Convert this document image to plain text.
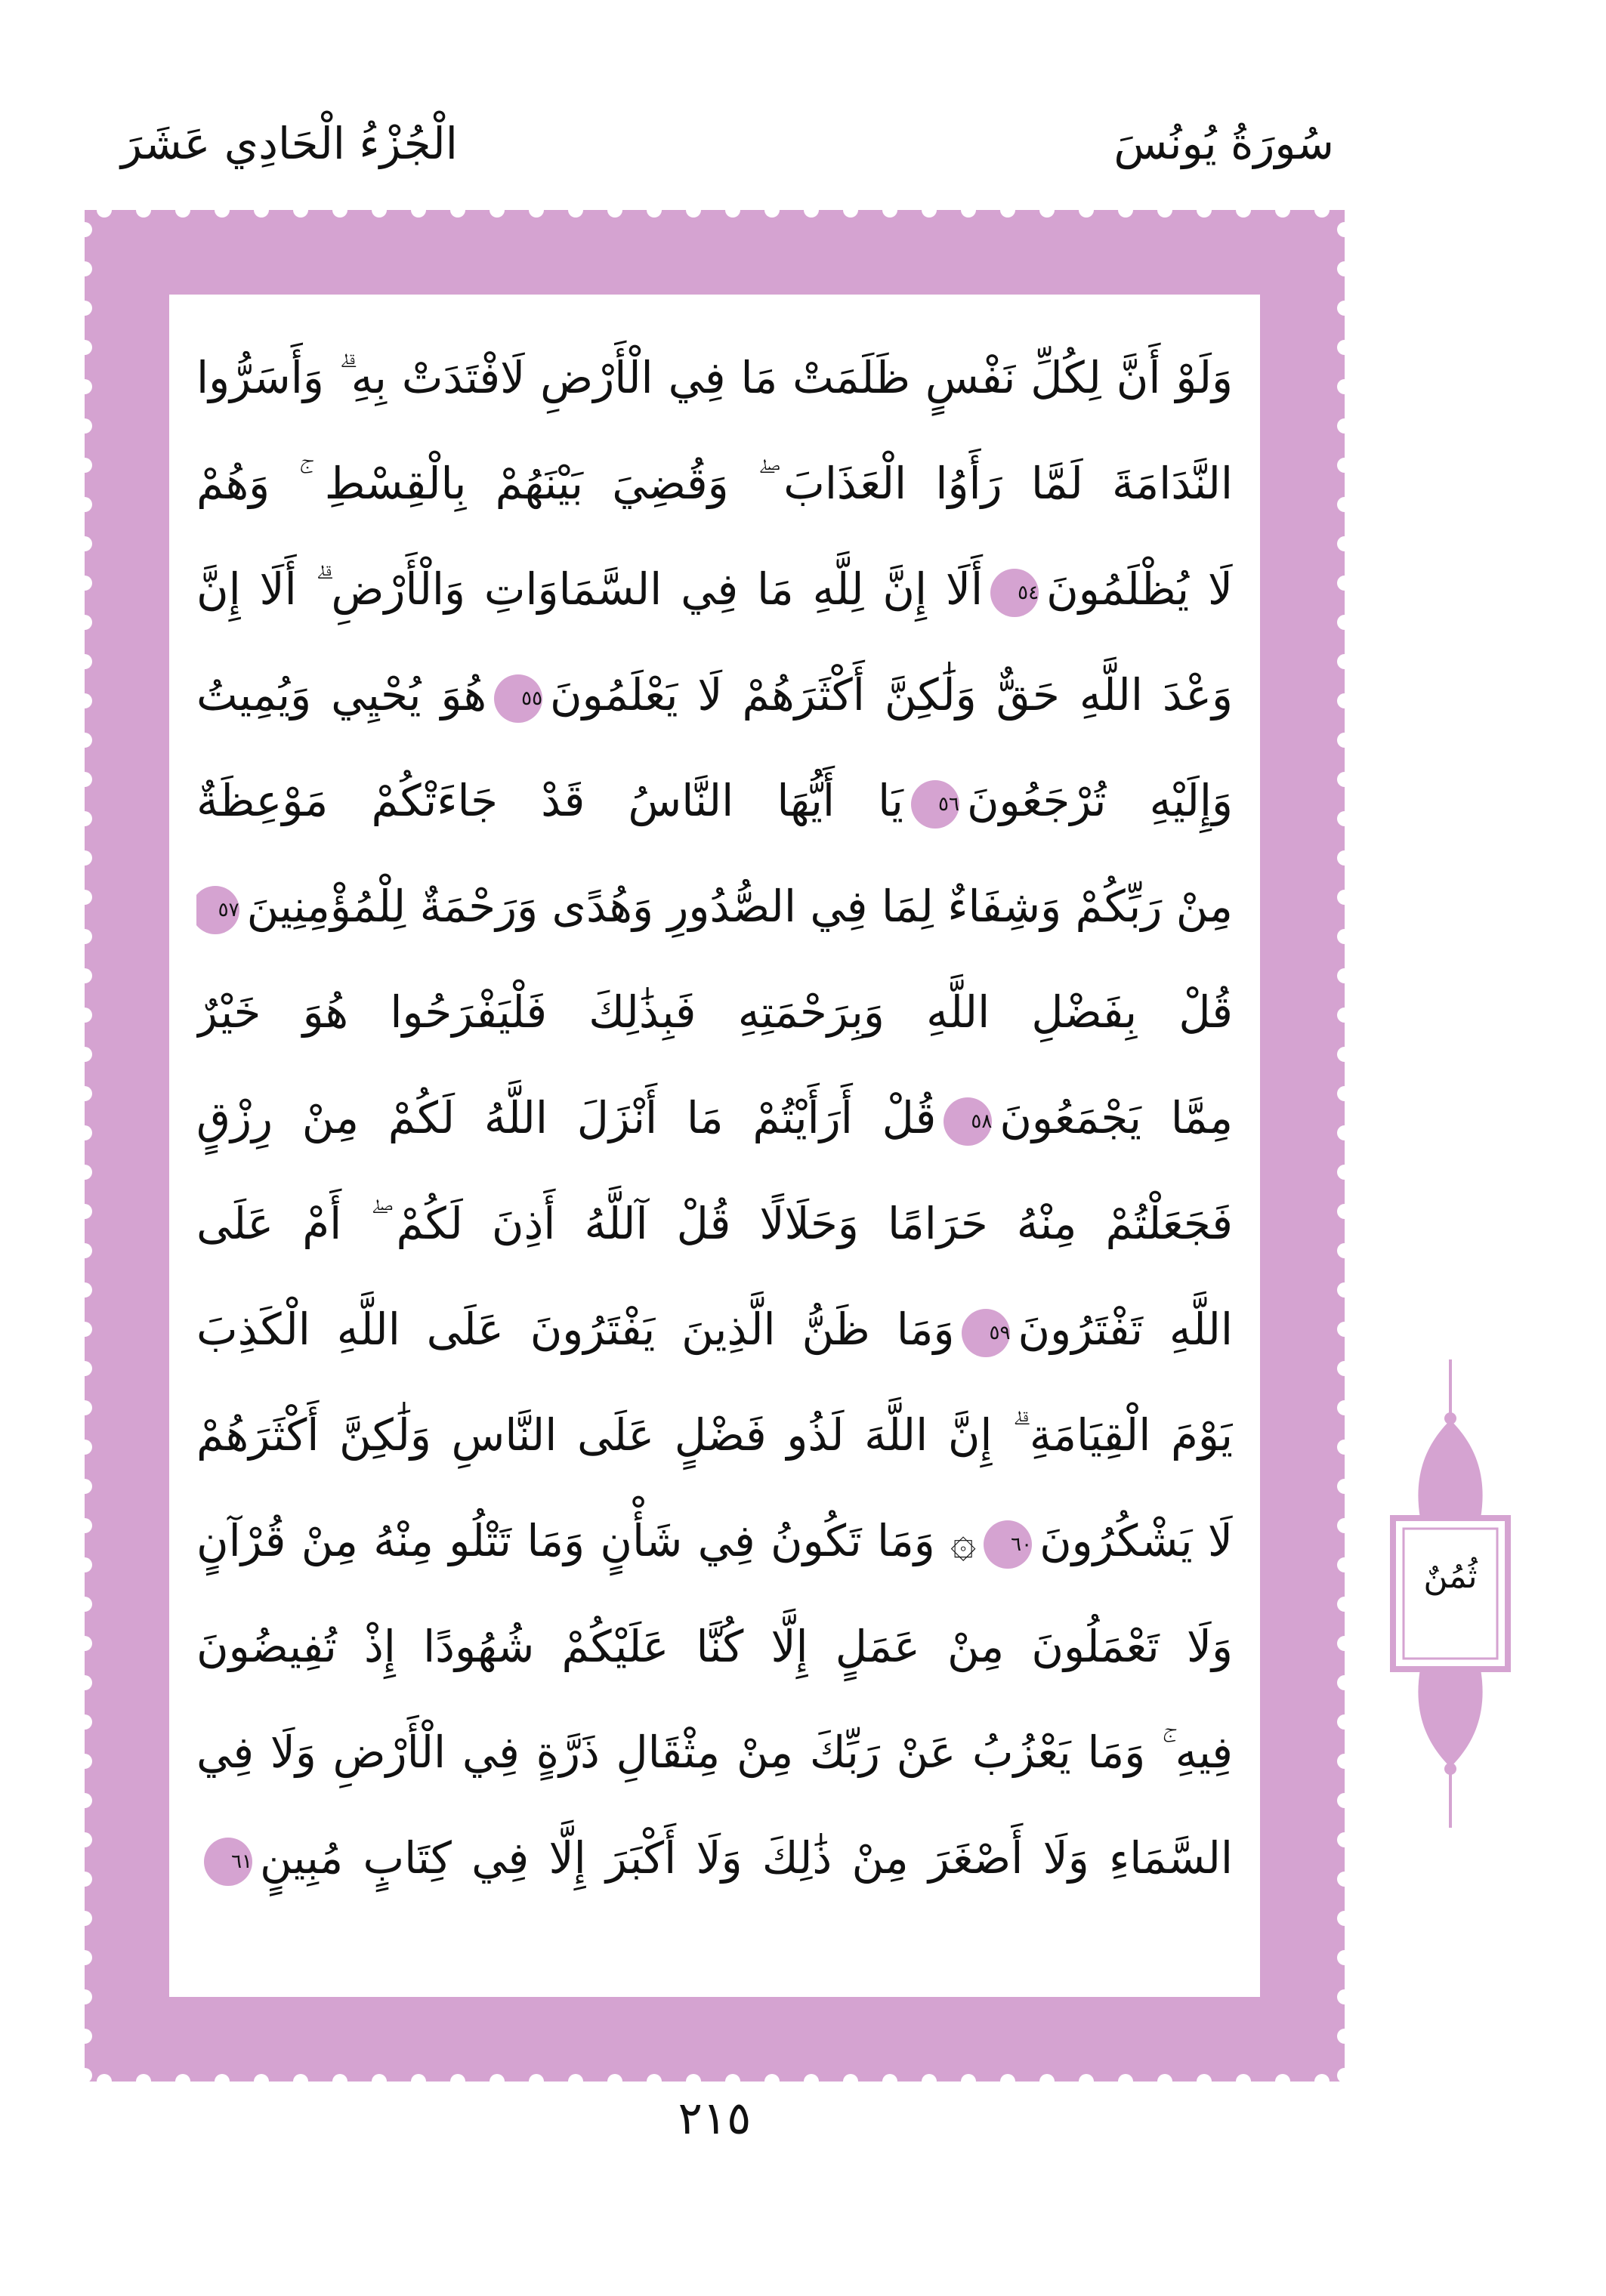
سُورَةُ يُونُسَ
الْجُزْءُ الْحَادِي عَشَرَ
وَلَوْ أَنَّ لِكُلِّ نَفْسٍ ظَلَمَتْ مَا فِي الْأَرْضِ لَافْتَدَتْ بِهِ ۗ وَأَسَرُّوا
النَّدَامَةَ لَمَّا رَأَوُا الْعَذَابَ ۖ وَقُضِيَ بَيْنَهُمْ بِالْقِسْطِ ۚ وَهُمْ
لَا يُظْلَمُونَ٥٤أَلَا إِنَّ لِلَّهِ مَا فِي السَّمَاوَاتِ وَالْأَرْضِ ۗ أَلَا إِنَّ
وَعْدَ اللَّهِ حَقٌّ وَلَٰكِنَّ أَكْثَرَهُمْ لَا يَعْلَمُونَ٥٥هُوَ يُحْيِي وَيُمِيتُ
وَإِلَيْهِ تُرْجَعُونَ٥٦يَا أَيُّهَا النَّاسُ قَدْ جَاءَتْكُمْ مَوْعِظَةٌ
مِنْ رَبِّكُمْ وَشِفَاءٌ لِمَا فِي الصُّدُورِ وَهُدًى وَرَحْمَةٌ لِلْمُؤْمِنِينَ٥٧
قُلْ بِفَضْلِ اللَّهِ وَبِرَحْمَتِهِ فَبِذَٰلِكَ فَلْيَفْرَحُوا هُوَ خَيْرٌ
مِمَّا يَجْمَعُونَ٥٨قُلْ أَرَأَيْتُمْ مَا أَنْزَلَ اللَّهُ لَكُمْ مِنْ رِزْقٍ
فَجَعَلْتُمْ مِنْهُ حَرَامًا وَحَلَالًا قُلْ آللَّهُ أَذِنَ لَكُمْ ۖ أَمْ عَلَى
اللَّهِ تَفْتَرُونَ٥٩وَمَا ظَنُّ الَّذِينَ يَفْتَرُونَ عَلَى اللَّهِ الْكَذِبَ
يَوْمَ الْقِيَامَةِ ۗ إِنَّ اللَّهَ لَذُو فَضْلٍ عَلَى النَّاسِ وَلَٰكِنَّ أَكْثَرَهُمْ
لَا يَشْكُرُونَ٦٠۞ وَمَا تَكُونُ فِي شَأْنٍ وَمَا تَتْلُو مِنْهُ مِنْ قُرْآنٍ
وَلَا تَعْمَلُونَ مِنْ عَمَلٍ إِلَّا كُنَّا عَلَيْكُمْ شُهُودًا إِذْ تُفِيضُونَ
فِيهِ ۚ وَمَا يَعْزُبُ عَنْ رَبِّكَ مِنْ مِثْقَالِ ذَرَّةٍ فِي الْأَرْضِ وَلَا فِي
السَّمَاءِ وَلَا أَصْغَرَ مِنْ ذَٰلِكَ وَلَا أَكْبَرَ إِلَّا فِي كِتَابٍ مُبِينٍ٦١
ثُمُنٌ
٢١٥
